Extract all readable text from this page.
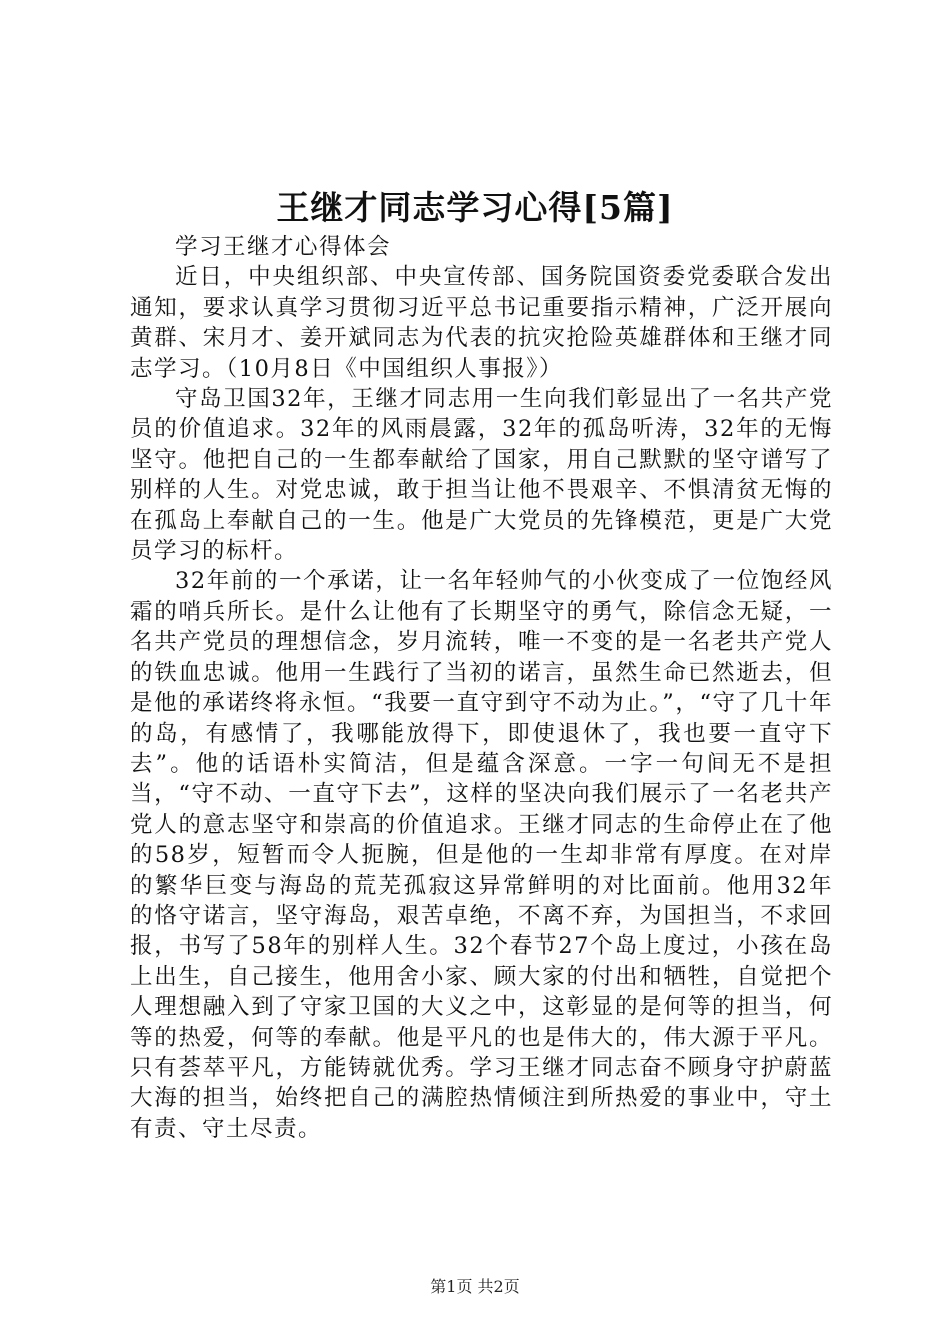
王继才同志学习心得[5篇]

学习王继才心得体会

近日，中央组织部、中央宣传部、国务院国资委党委联合发出通知，要求认真学习贯彻习近平总书记重要指示精神，广泛开展向黄群、宋月才、姜开斌同志为代表的抗灾抢险英雄群体和王继才同志学习。（10月8日《中国组织人事报》）

守岛卫国32年，王继才同志用一生向我们彰显出了一名共产党员的价值追求。32年的风雨晨露，32年的孤岛听涛，32年的无悔坚守。他把自己的一生都奉献给了国家，用自己默默的坚守谱写了别样的人生。对党忠诚，敢于担当让他不畏艰辛、不惧清贫无悔的在孤岛上奉献自己的一生。他是广大党员的先锋模范，更是广大党员学习的标杆。

32年前的一个承诺，让一名年轻帅气的小伙变成了一位饱经风霜的哨兵所长。是什么让他有了长期坚守的勇气，除信念无疑，一名共产党员的理想信念，岁月流转，唯一不变的是一名老共产党人的铁血忠诚。他用一生践行了当初的诺言，虽然生命已然逝去，但是他的承诺终将永恒。“我要一直守到守不动为止。”，“守了几十年的岛，有感情了，我哪能放得下，即使退休了，我也要一直守下去”。他的话语朴实简洁，但是蕴含深意。一字一句间无不是担当，“守不动、一直守下去”，这样的坚决向我们展示了一名老共产党人的意志坚守和崇高的价值追求。王继才同志的生命停止在了他的58岁，短暂而令人扼腕，但是他的一生却非常有厚度。在对岸的繁华巨变与海岛的荒芜孤寂这异常鲜明的对比面前。他用32年的恪守诺言，坚守海岛，艰苦卓绝，不离不弃，为国担当，不求回报，书写了58年的别样人生。32个春节27个岛上度过，小孩在岛上出生，自己接生，他用舍小家、顾大家的付出和牺牲，自觉把个人理想融入到了守家卫国的大义之中，这彰显的是何等的担当，何等的热爱，何等的奉献。他是平凡的也是伟大的，伟大源于平凡。只有荟萃平凡，方能铸就优秀。学习王继才同志奋不顾身守护蔚蓝大海的担当，始终把自己的满腔热情倾注到所热爱的事业中，守土有责、守土尽责。

第1页 共2页
